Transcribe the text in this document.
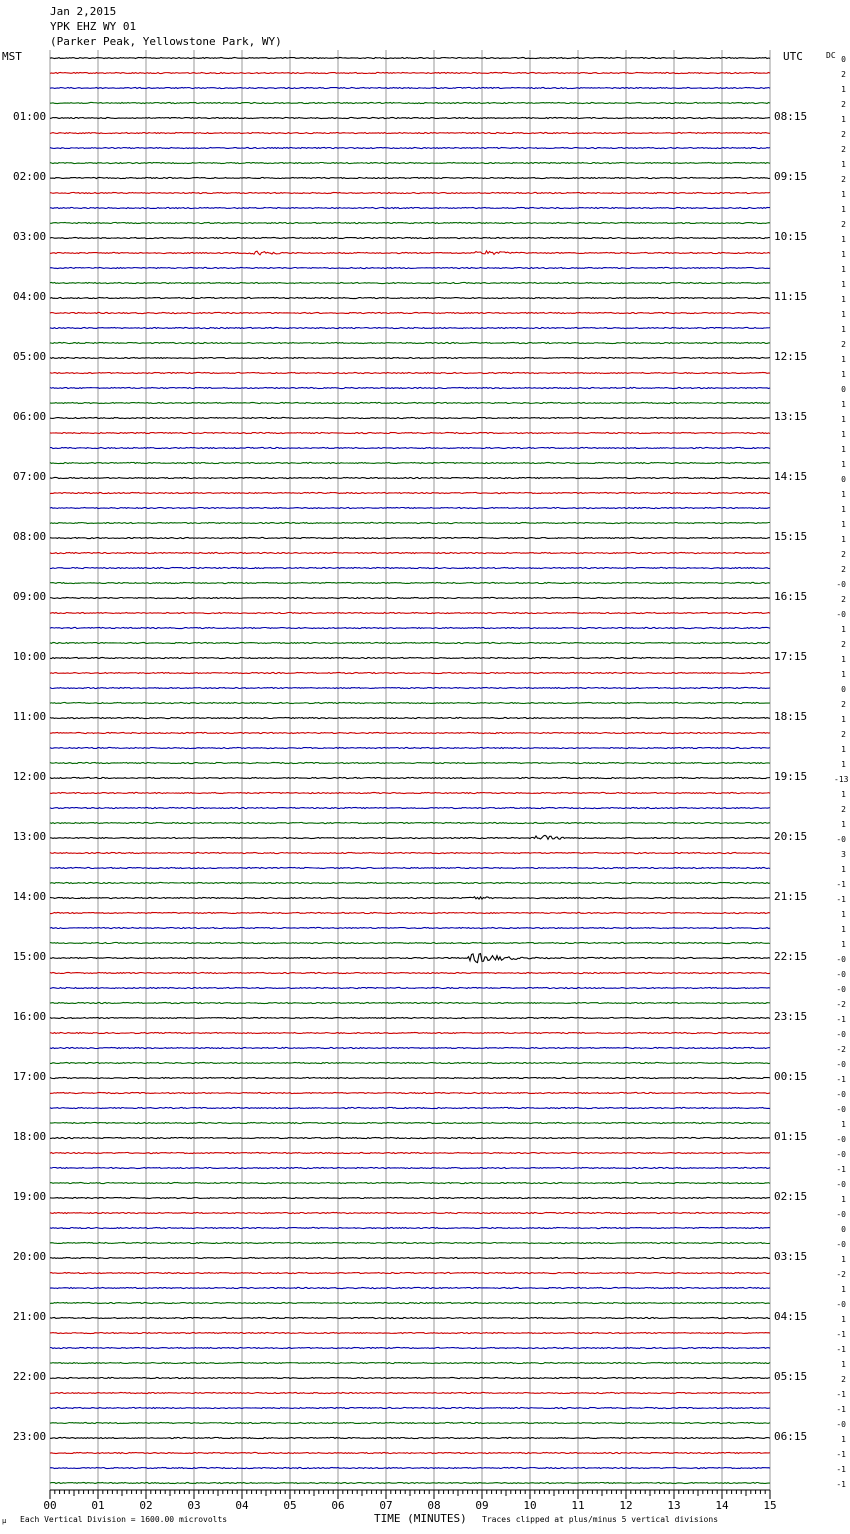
Jan 2,2015
YPK EHZ WY 01
(Parker Peak, Yellowstone Park, WY)
MST	UTC	DC
00	01	02	03	04	05	06	07	08	09	10	11	12	13	14	15
01:00	08:15
02:00	09:15
03:00	10:15
04:00	11:15
05:00	12:15
06:00	13:15
07:00	14:15
08:00	15:15
09:00	16:15
10:00	17:15
11:00	18:15
12:00	19:15
13:00	20:15
14:00	21:15
15:00	22:15
16:00	23:15
17:00	00:15
18:00	01:15
19:00	02:15
20:00	03:15
21:00	04:15
22:00	05:15
23:00	06:15
0
2
1
2
1
2
2
1
2
1
1
2
1
1
1
1
1
1
1
2
1
1
0
1
1
1
1
1
0
1
1
1
1
2
2
-0
2
-0
1
2
1
1
0
2
1
2
1
1
-13
1
2
1
-0
3
1
-1
-1
1
1
1
-0
-0
-0
-2
-1
-0
-2
-0
-1
-0
-0
1
-0
-0
-1
-0
1
-0
0
-0
1
-2
1
-0
1
-1
-1
1
2
-1
-1
-0
1
-1
-1
-1
μ Each Vertical Division = 1600.00 microvolts	TIME (MINUTES) Traces clipped at plus/minus 5 vertical divisions
